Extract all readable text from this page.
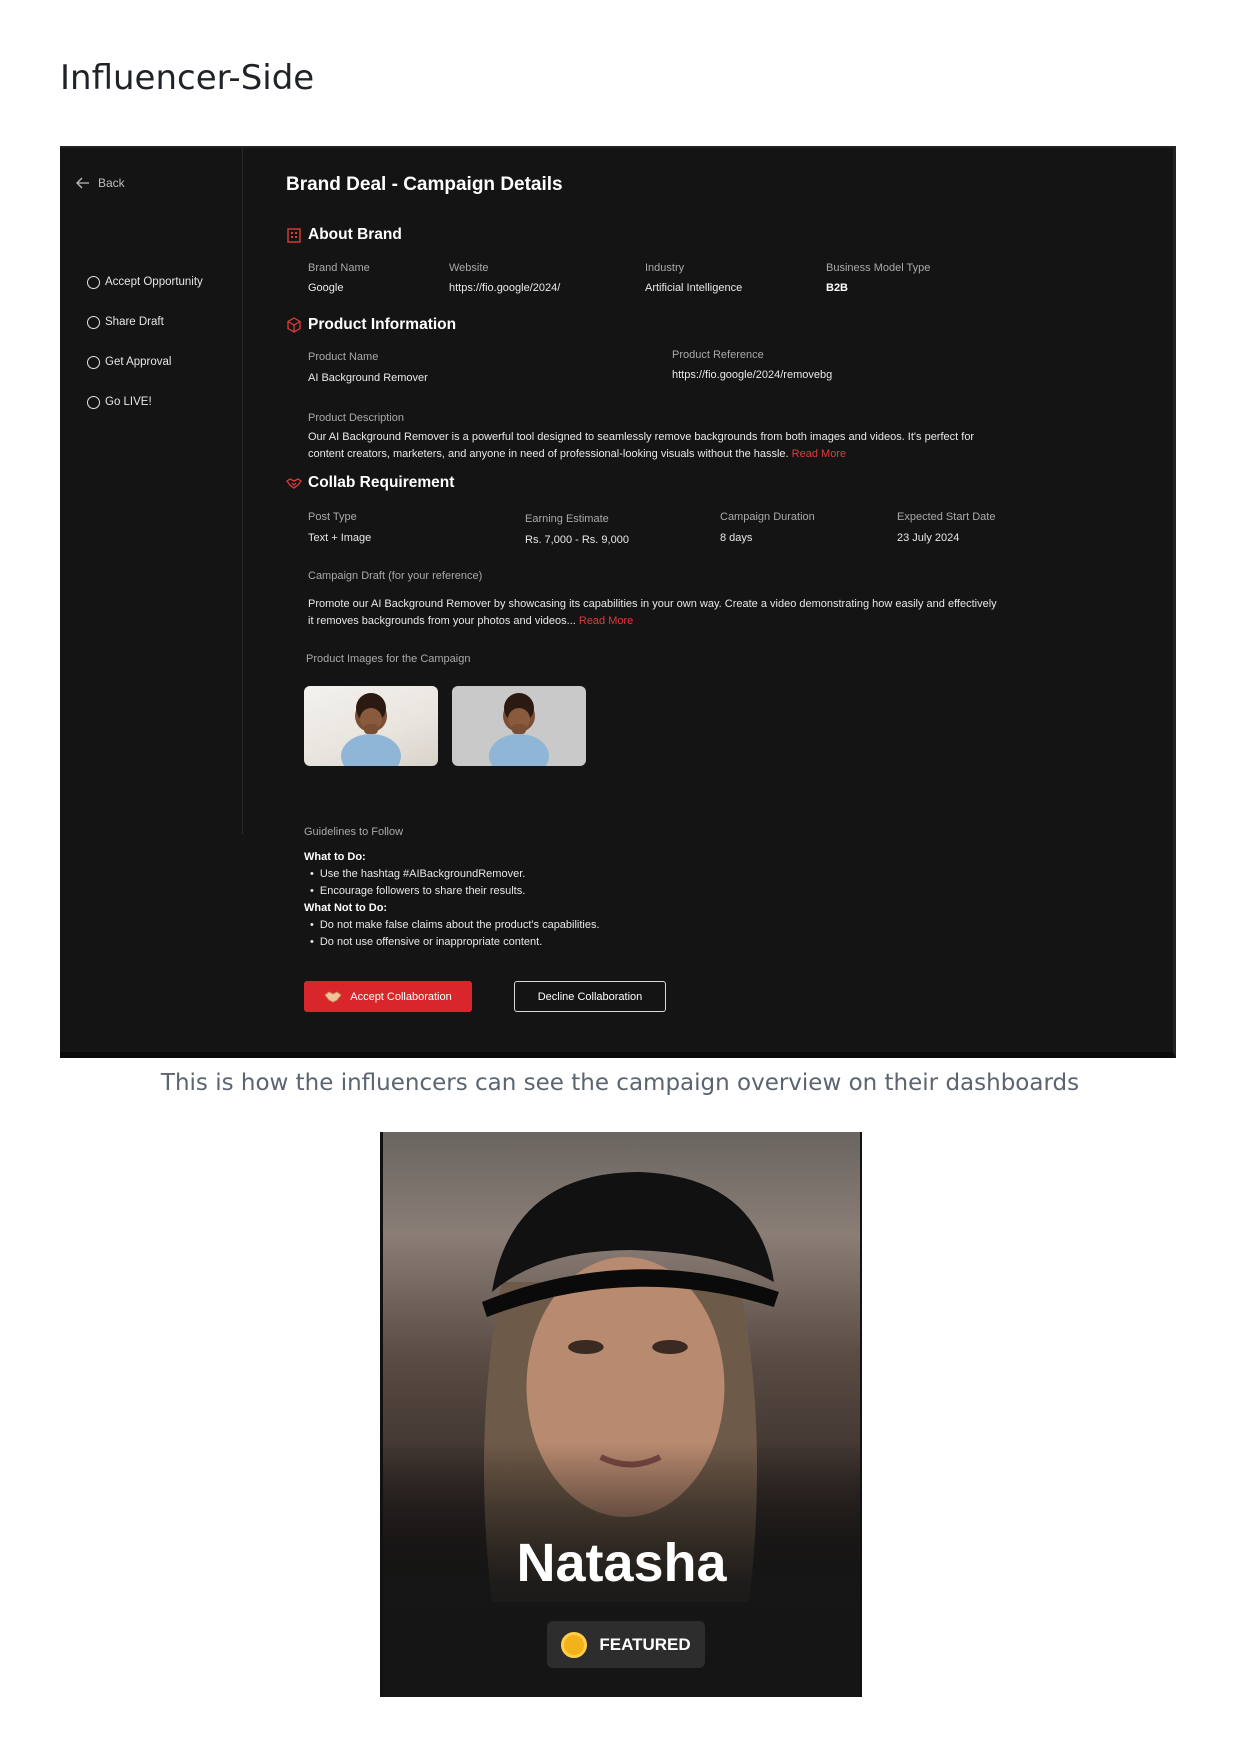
Influencer-Side
Back
Accept Opportunity
Share Draft
Get Approval
Go LIVE!
Brand Deal - Campaign Details
About Brand
Brand Name
Google
Website
https://fio.google/2024/
Industry
Artificial Intelligence
Business Model Type
B2B
Product Information
Product Name
AI Background Remover
Product Reference
https://fio.google/2024/removebg
Product Description
Our AI Background Remover is a powerful tool designed to seamlessly remove backgrounds from both images and videos. It's perfect for content creators, marketers, and anyone in need of professional-looking visuals without the hassle. Read More
Collab Requirement
Post Type
Text + Image
Earning Estimate
Rs. 7,000 - Rs. 9,000
Campaign Duration
8 days
Expected Start Date
23 July 2024
Campaign Draft (for your reference)
Promote our AI Background Remover by showcasing its capabilities in your own way. Create a video demonstrating how easily and effectively it removes backgrounds from your photos and videos... Read More
Product Images for the Campaign
Guidelines to Follow
What to Do:
• Use the hashtag #AIBackgroundRemover.
• Encourage followers to share their results.
What Not to Do:
• Do not make false claims about the product's capabilities.
• Do not use offensive or inappropriate content.
Accept Collaboration	Decline Collaboration
This is how the influencers can see the campaign overview on their dashboards
Natasha
FEATURED
